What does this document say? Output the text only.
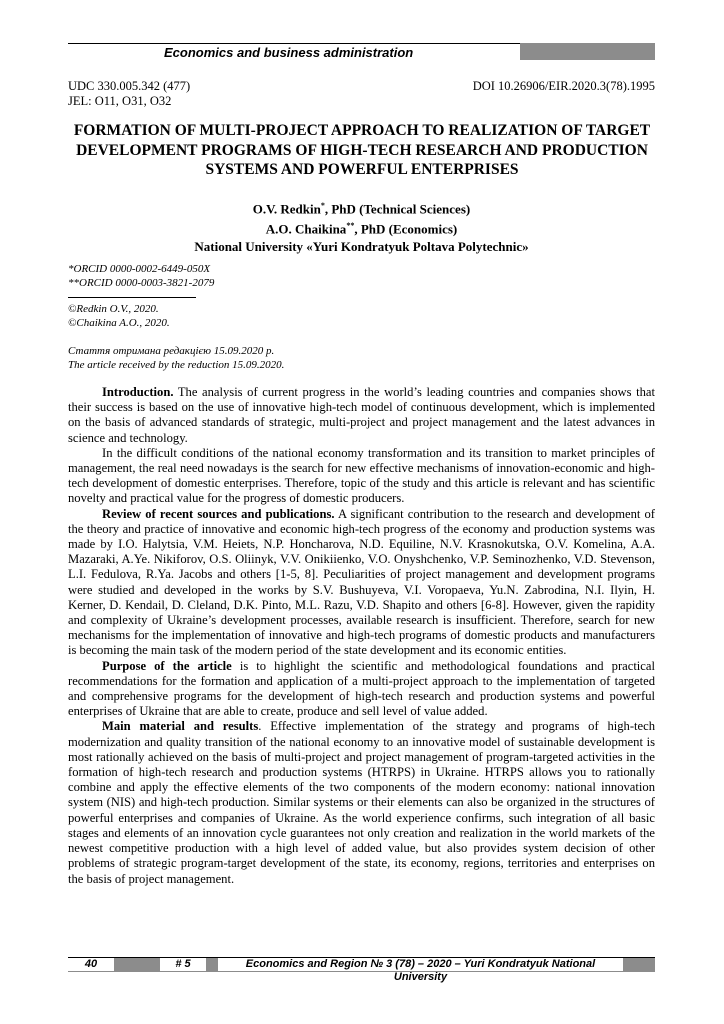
Economics and business administration
UDC 330.005.342 (477)
JEL: O11, O31, O32
DOI 10.26906/EIR.2020.3(78).1995
FORMATION OF MULTI-PROJECT APPROACH TO REALIZATION OF TARGET DEVELOPMENT PROGRAMS OF HIGH-TECH RESEARCH AND PRODUCTION SYSTEMS AND POWERFUL ENTERPRISES
O.V. Redkin*, PhD (Technical Sciences)
A.O. Chaikina**, PhD (Economics)
National University «Yuri Kondratyuk Poltava Polytechnic»
*ORCID 0000-0002-6449-050X
**ORCID 0000-0003-3821-2079
©Redkin O.V., 2020.
©Chaikina A.O., 2020.
Стаття отримана редакцією 15.09.2020 р.
The article received by the reduction 15.09.2020.

Introduction. The analysis of current progress in the world’s leading countries and companies shows that their success is based on the use of innovative high-tech model of continuous development, which is implemented on the basis of advanced standards of strategic, multi-project and project management and the latest advances in science and technology.

In the difficult conditions of the national economy transformation and its transition to market principles of management, the real need nowadays is the search for new effective mechanisms of innovation-economic and high-tech development of domestic enterprises. Therefore, topic of the study and this article is relevant and has scientific novelty and practical value for the progress of domestic producers.

Review of recent sources and publications. A significant contribution to the research and development of the theory and practice of innovative and economic high-tech progress of the economy and production systems was made by I.O. Halytsia, V.M. Heiets, N.P. Honcharova, N.D. Equiline, N.V. Krasnokutska, O.V. Komelina, A.A. Mazaraki, A.Ye. Nikiforov, O.S. Oliinyk, V.V. Onikiienko, V.O. Onyshchenko, V.P. Seminozhenko, V.D. Stevenson, L.I. Fedulova, R.Ya. Jacobs and others [1-5, 8]. Peculiarities of project management and development programs were studied and developed in the works by S.V. Bushuyeva, V.I. Voropaeva, Yu.N. Zabrodina, N.I. Ilyin, H. Kerner, D. Kendail, D. Cleland, D.K. Pinto, M.L. Razu, V.D. Shapito and others [6-8]. However, given the rapidity and complexity of Ukraine’s development processes, available research is insufficient. Therefore, search for new mechanisms for the implementation of innovative and high-tech programs of domestic products and manufacturers is becoming the main task of the modern period of the state development and its economic entities.

Purpose of the article is to highlight the scientific and methodological foundations and practical recommendations for the formation and application of a multi-project approach to the implementation of targeted and comprehensive programs for the development of high-tech research and production systems and powerful enterprises of Ukraine that are able to create, produce and sell level of value added.

Main material and results. Effective implementation of the strategy and programs of high-tech modernization and quality transition of the national economy to an innovative model of sustainable development is most rationally achieved on the basis of multi-project and project management of program-targeted activities in the formation of high-tech research and production systems (HTRPS) in Ukraine. HTRPS allows you to rationally combine and apply the effective elements of the two components of the modern economy: national innovation system (NIS) and high-tech production. Similar systems or their elements can also be organized in the structures of powerful enterprises and companies of Ukraine. As the world experience confirms, such integration of all basic stages and elements of an innovation cycle guarantees not only creation and realization in the world markets of the newest competitive production with a high level of added value, but also provides system decision of other problems of strategic program-target development of the state, its economy, regions, territories and enterprises on the basis of project management.

40	# 5	Economics and Region № 3 (78) – 2020 – Yuri Kondratyuk National University
